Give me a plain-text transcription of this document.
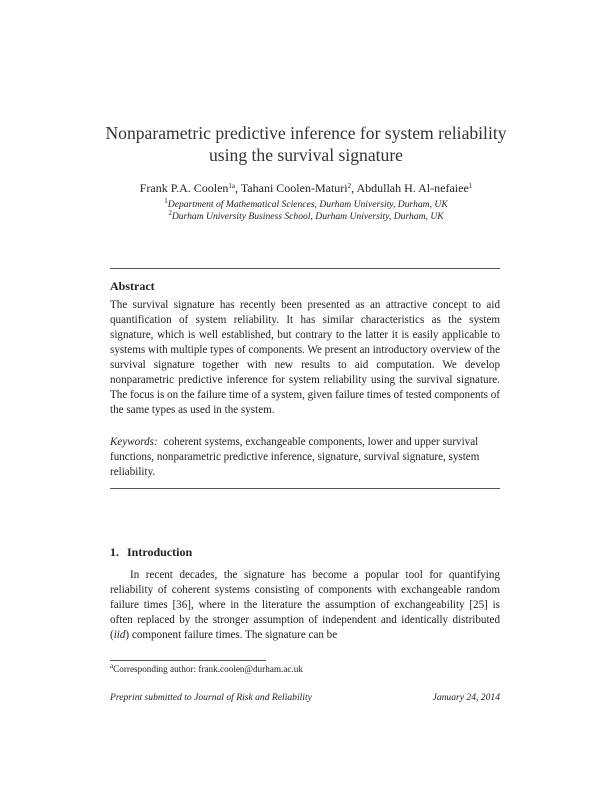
Nonparametric predictive inference for system reliability
using the survival signature
Frank P.A. Coolen$^{1a}$, Tahani Coolen-Maturi$^2$, Abdullah H. Al-nefaiee$^1$
$^1$Department of Mathematical Sciences, Durham University, Durham, UK
$^2$Durham University Business School, Durham University, Durham, UK
Abstract
The survival signature has recently been presented as an attractive concept to aid quantification of system reliability. It has similar characteristics as the system signature, which is well established, but contrary to the latter it is easily applicable to systems with multiple types of components. We present an introductory overview of the survival signature together with new results to aid computation. We develop nonparametric predictive inference for system reliability using the survival signature. The focus is on the failure time of a system, given failure times of tested components of the same types as used in the system.
Keywords: coherent systems, exchangeable components, lower and upper survival functions, nonparametric predictive inference, signature, survival signature, system reliability.
1. Introduction
In recent decades, the signature has become a popular tool for quantifying reliability of coherent systems consisting of components with exchangeable random failure times [36], where in the literature the assumption of exchangeability [25] is often replaced by the stronger assumption of independent and identically distributed (iid) component failure times. The signature can be
$^a$Corresponding author: frank.coolen@durham.ac.uk
Preprint submitted to Journal of Risk and Reliability	January 24, 2014
